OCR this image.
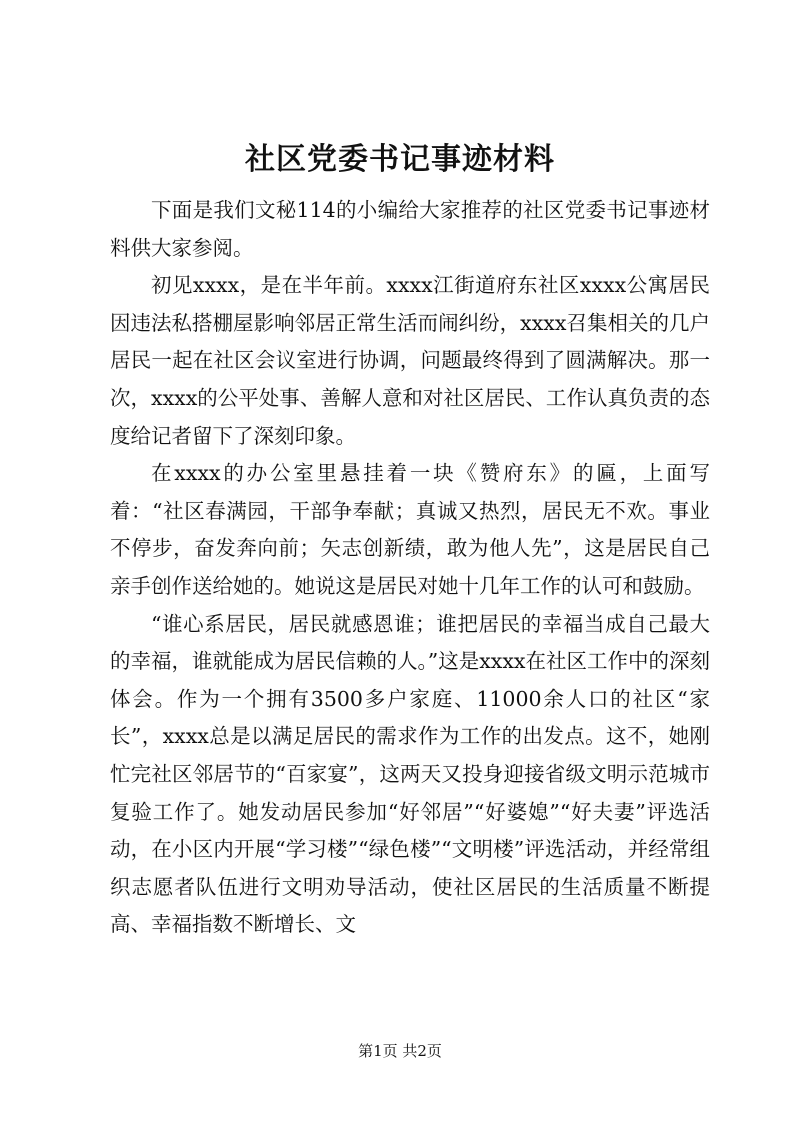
社区党委书记事迹材料

下面是我们文秘114的小编给大家推荐的社区党委书记事迹材料供大家参阅。

初见xxxx，是在半年前。xxxx江街道府东社区xxxx公寓居民因违法私搭棚屋影响邻居正常生活而闹纠纷，xxxx召集相关的几户居民一起在社区会议室进行协调，问题最终得到了圆满解决。那一次，xxxx的公平处事、善解人意和对社区居民、工作认真负责的态度给记者留下了深刻印象。

在xxxx的办公室里悬挂着一块《赞府东》的匾，上面写着：“社区春满园，干部争奉献；真诚又热烈，居民无不欢。事业不停步，奋发奔向前；矢志创新绩，敢为他人先”，这是居民自己亲手创作送给她的。她说这是居民对她十几年工作的认可和鼓励。

“谁心系居民，居民就感恩谁；谁把居民的幸福当成自己最大的幸福，谁就能成为居民信赖的人。”这是xxxx在社区工作中的深刻体会。作为一个拥有3500多户家庭、11000余人口的社区“家长”，xxxx总是以满足居民的需求作为工作的出发点。这不，她刚忙完社区邻居节的“百家宴”，这两天又投身迎接省级文明示范城市复验工作了。她发动居民参加“好邻居”“好婆媳”“好夫妻”评选活动，在小区内开展“学习楼”“绿色楼”“文明楼”评选活动，并经常组织志愿者队伍进行文明劝导活动，使社区居民的生活质量不断提高、幸福指数不断增长、文

第1页 共2页
